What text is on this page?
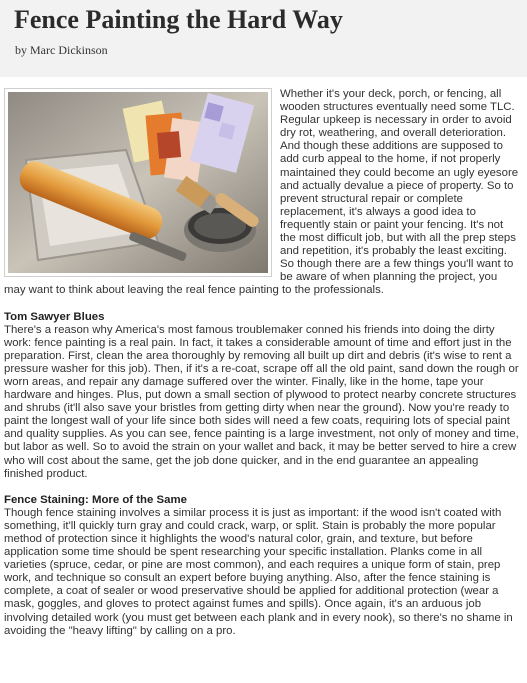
Fence Painting the Hard Way
by Marc Dickinson

Whether it's your deck, porch, or fencing, all wooden structures eventually need some TLC. Regular upkeep is necessary in order to avoid dry rot, weathering, and overall deterioration. And though these additions are supposed to add curb appeal to the home, if not properly maintained they could become an ugly eyesore and actually devalue a piece of property. So to prevent structural repair or complete replacement, it's always a good idea to frequently stain or paint your fencing. It's not the most difficult job, but with all the prep steps and repetition, it's probably the least exciting. So though there are a few things you'll want to be aware of when planning the project, you may want to think about leaving the real fence painting to the professionals.

Tom Sawyer Blues

There's a reason why America's most famous troublemaker conned his friends into doing the dirty work: fence painting is a real pain. In fact, it takes a considerable amount of time and effort just in the preparation. First, clean the area thoroughly by removing all built up dirt and debris (it's wise to rent a pressure washer for this job). Then, if it's a re-coat, scrape off all the old paint, sand down the rough or worn areas, and repair any damage suffered over the winter. Finally, like in the home, tape your hardware and hinges. Plus, put down a small section of plywood to protect nearby concrete structures and shrubs (it'll also save your bristles from getting dirty when near the ground). Now you're ready to paint the longest wall of your life since both sides will need a few coats, requiring lots of special paint and quality supplies. As you can see, fence painting is a large investment, not only of money and time, but labor as well. So to avoid the strain on your wallet and back, it may be better served to hire a crew who will cost about the same, get the job done quicker, and in the end guarantee an appealing finished product.

Fence Staining: More of the Same

Though fence staining involves a similar process it is just as important: if the wood isn't coated with something, it'll quickly turn gray and could crack, warp, or split. Stain is probably the more popular method of protection since it highlights the wood's natural color, grain, and texture, but before application some time should be spent researching your specific installation. Planks come in all varieties (spruce, cedar, or pine are most common), and each requires a unique form of stain, prep work, and technique so consult an expert before buying anything. Also, after the fence staining is complete, a coat of sealer or wood preservative should be applied for additional protection (wear a mask, goggles, and gloves to protect against fumes and spills). Once again, it's an arduous job involving detailed work (you must get between each plank and in every nook), so there's no shame in avoiding the "heavy lifting" by calling on a pro.
